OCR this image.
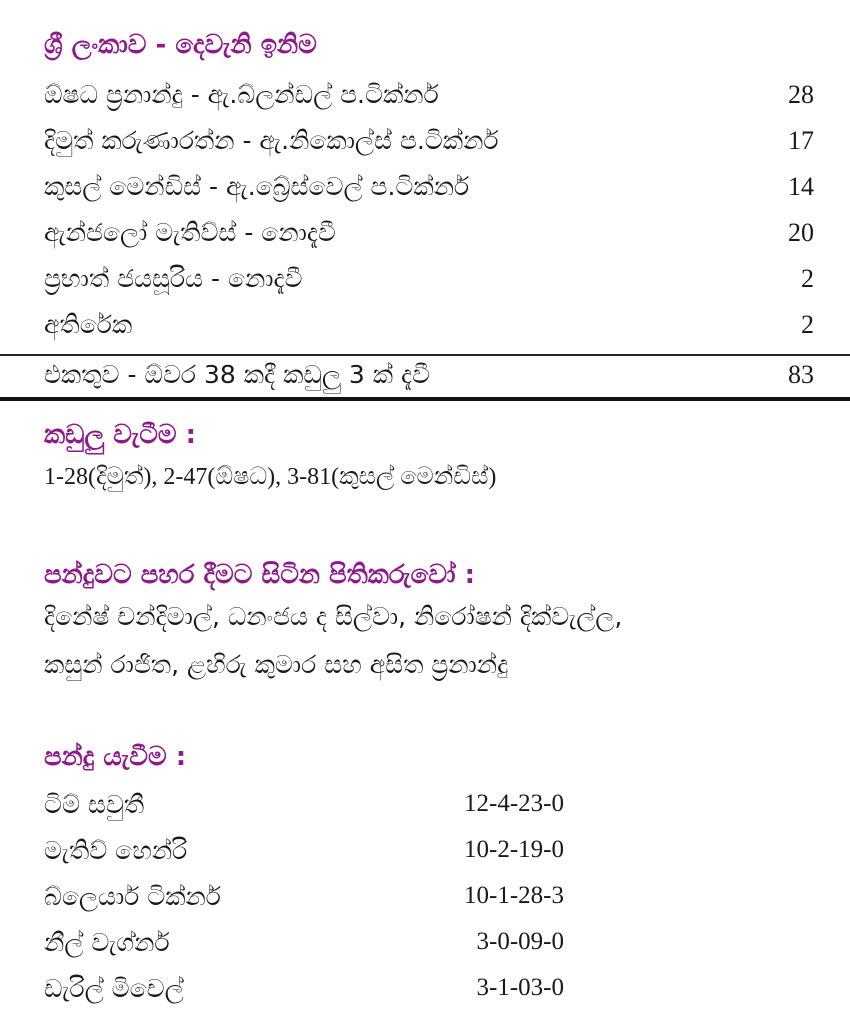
ශ්‍රී ලංකාව - දෙවැනි ඉනිම
ඕෂධ ප්‍රනාන්දු - ඇ.බ්ලන්ඩල් ප.ටික්නර්	28
දිමුත් කරුණාරත්න - ඇ.නිකොල්ස් ප.ටික්නර්	17
කුසල් මෙන්ඩිස් - ඇ.බ්‍රේස්වෙල් ප.ටික්නර්	14
ඇන්ජලෝ මැතිව්ස් - නොදැවී	20
ප්‍රභාත් ජයසූරිය - නොදැවී	2
අතිරේක	2
එකතුව - ඕවර 38 කදී කඩුලු 3 ක් දැවී	83
කඩුලු වැටීම :
1-28(දිමුත්), 2-47(ඕෂධ), 3-81(කුසල් මෙන්ඩිස්)
පන්දුවට පහර දීමට සිටින පිතිකරුවෝ :
දිනේෂ් චන්දිමාල්, ධනංජය ද සිල්වා, නිරෝෂන් දික්වැල්ල,
කසුන් රාජිත, ළහිරු කුමාර සහ අසිත ප්‍රනාන්දු
පන්දු යැවීම :
ටිම් සවුතී	12-4-23-0
මැතිව් හෙන්රි	10-2-19-0
බ්ලෙයාර් ටික්නර්	10-1-28-3
නීල් වැග්නර්	3-0-09-0
ඩැරිල් මිචෙල්	3-1-03-0
